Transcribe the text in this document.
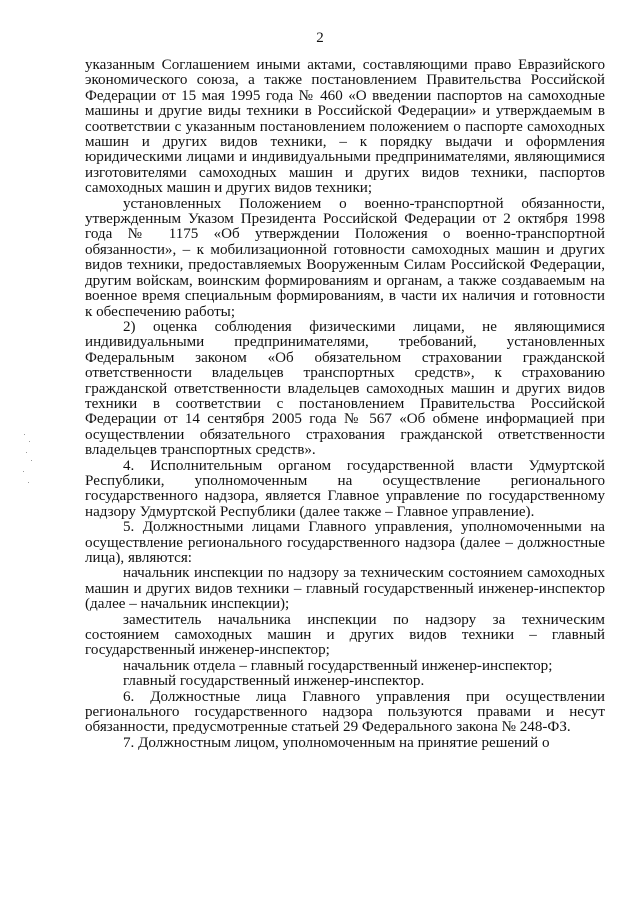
2

указанным Соглашением иными актами, составляющими право Евразийского экономического союза, а также постановлением Правительства Российской Федерации от 15 мая 1995 года № 460 «О введении паспортов на самоходные машины и другие виды техники в Российской Федерации» и утверждаемым в соответствии с указанным постановлением положением о паспорте самоходных машин и других видов техники, – к порядку выдачи и оформления юридическими лицами и индивидуальными предпринимателями, являющимися изготовителями самоходных машин и других видов техники, паспортов самоходных машин и других видов техники;

установленных Положением о военно-транспортной обязанности, утвержденным Указом Президента Российской Федерации от 2 октября 1998 года № 1175 «Об утверждении Положения о военно-транспортной обязанности», – к мобилизационной готовности самоходных машин и других видов техники, предоставляемых Вооруженным Силам Российской Федерации, другим войскам, воинским формированиям и органам, а также создаваемым на военное время специальным формированиям, в части их наличия и готовности к обеспечению работы;

2) оценка соблюдения физическими лицами, не являющимися индивидуальными предпринимателями, требований, установленных Федеральным законом «Об обязательном страховании гражданской ответственности владельцев транспортных средств», к страхованию гражданской ответственности владельцев самоходных машин и других видов техники в соответствии с постановлением Правительства Российской Федерации от 14 сентября 2005 года № 567 «Об обмене информацией при осуществлении обязательного страхования гражданской ответственности владельцев транспортных средств».

4. Исполнительным органом государственной власти Удмуртской Республики, уполномоченным на осуществление регионального государственного надзора, является Главное управление по государственному надзору Удмуртской Республики (далее также – Главное управление).

5. Должностными лицами Главного управления, уполномоченными на осуществление регионального государственного надзора (далее – должностные лица), являются:

начальник инспекции по надзору за техническим состоянием самоходных машин и других видов техники – главный государственный инженер-инспектор (далее – начальник инспекции);

заместитель начальника инспекции по надзору за техническим состоянием самоходных машин и других видов техники – главный государственный инженер-инспектор;

начальник отдела – главный государственный инженер-инспектор;

главный государственный инженер-инспектор.

6. Должностные лица Главного управления при осуществлении регионального государственного надзора пользуются правами и несут обязанности, предусмотренные статьей 29 Федерального закона № 248-ФЗ.

7. Должностным лицом, уполномоченным на принятие решений о
